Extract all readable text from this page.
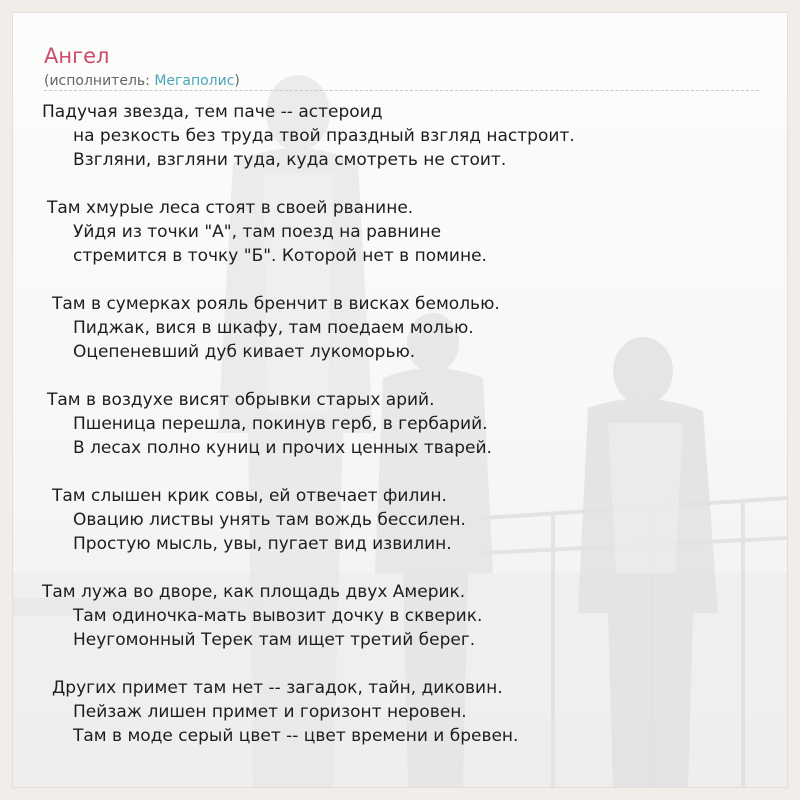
Ангел
(исполнитель: Мегаполис)
Падучая звезда, тем паче -- астероид
на резкость без труда твой праздный взгляд настроит.
Взгляни, взгляни туда, куда смотреть не стоит.
Там хмурые леса стоят в своей рванине.
Уйдя из точки "А", там поезд на равнине
стремится в точку "Б". Которой нет в помине.
Там в сумерках рояль бренчит в висках бемолью.
Пиджак, вися в шкафу, там поедаем молью.
Оцепеневший дуб кивает лукоморью.
Там в воздухе висят обрывки старых арий.
Пшеница перешла, покинув герб, в гербарий.
В лесах полно куниц и прочих ценных тварей.
Там слышен крик совы, ей отвечает филин.
Овацию листвы унять там вождь бессилен.
Простую мысль, увы, пугает вид извилин.
Там лужа во дворе, как площадь двух Америк.
Там одиночка-мать вывозит дочку в скверик.
Неугомонный Терек там ищет третий берег.
Других примет там нет -- загадок, тайн, диковин.
Пейзаж лишен примет и горизонт неровен.
Там в моде серый цвет -- цвет времени и бревен.
